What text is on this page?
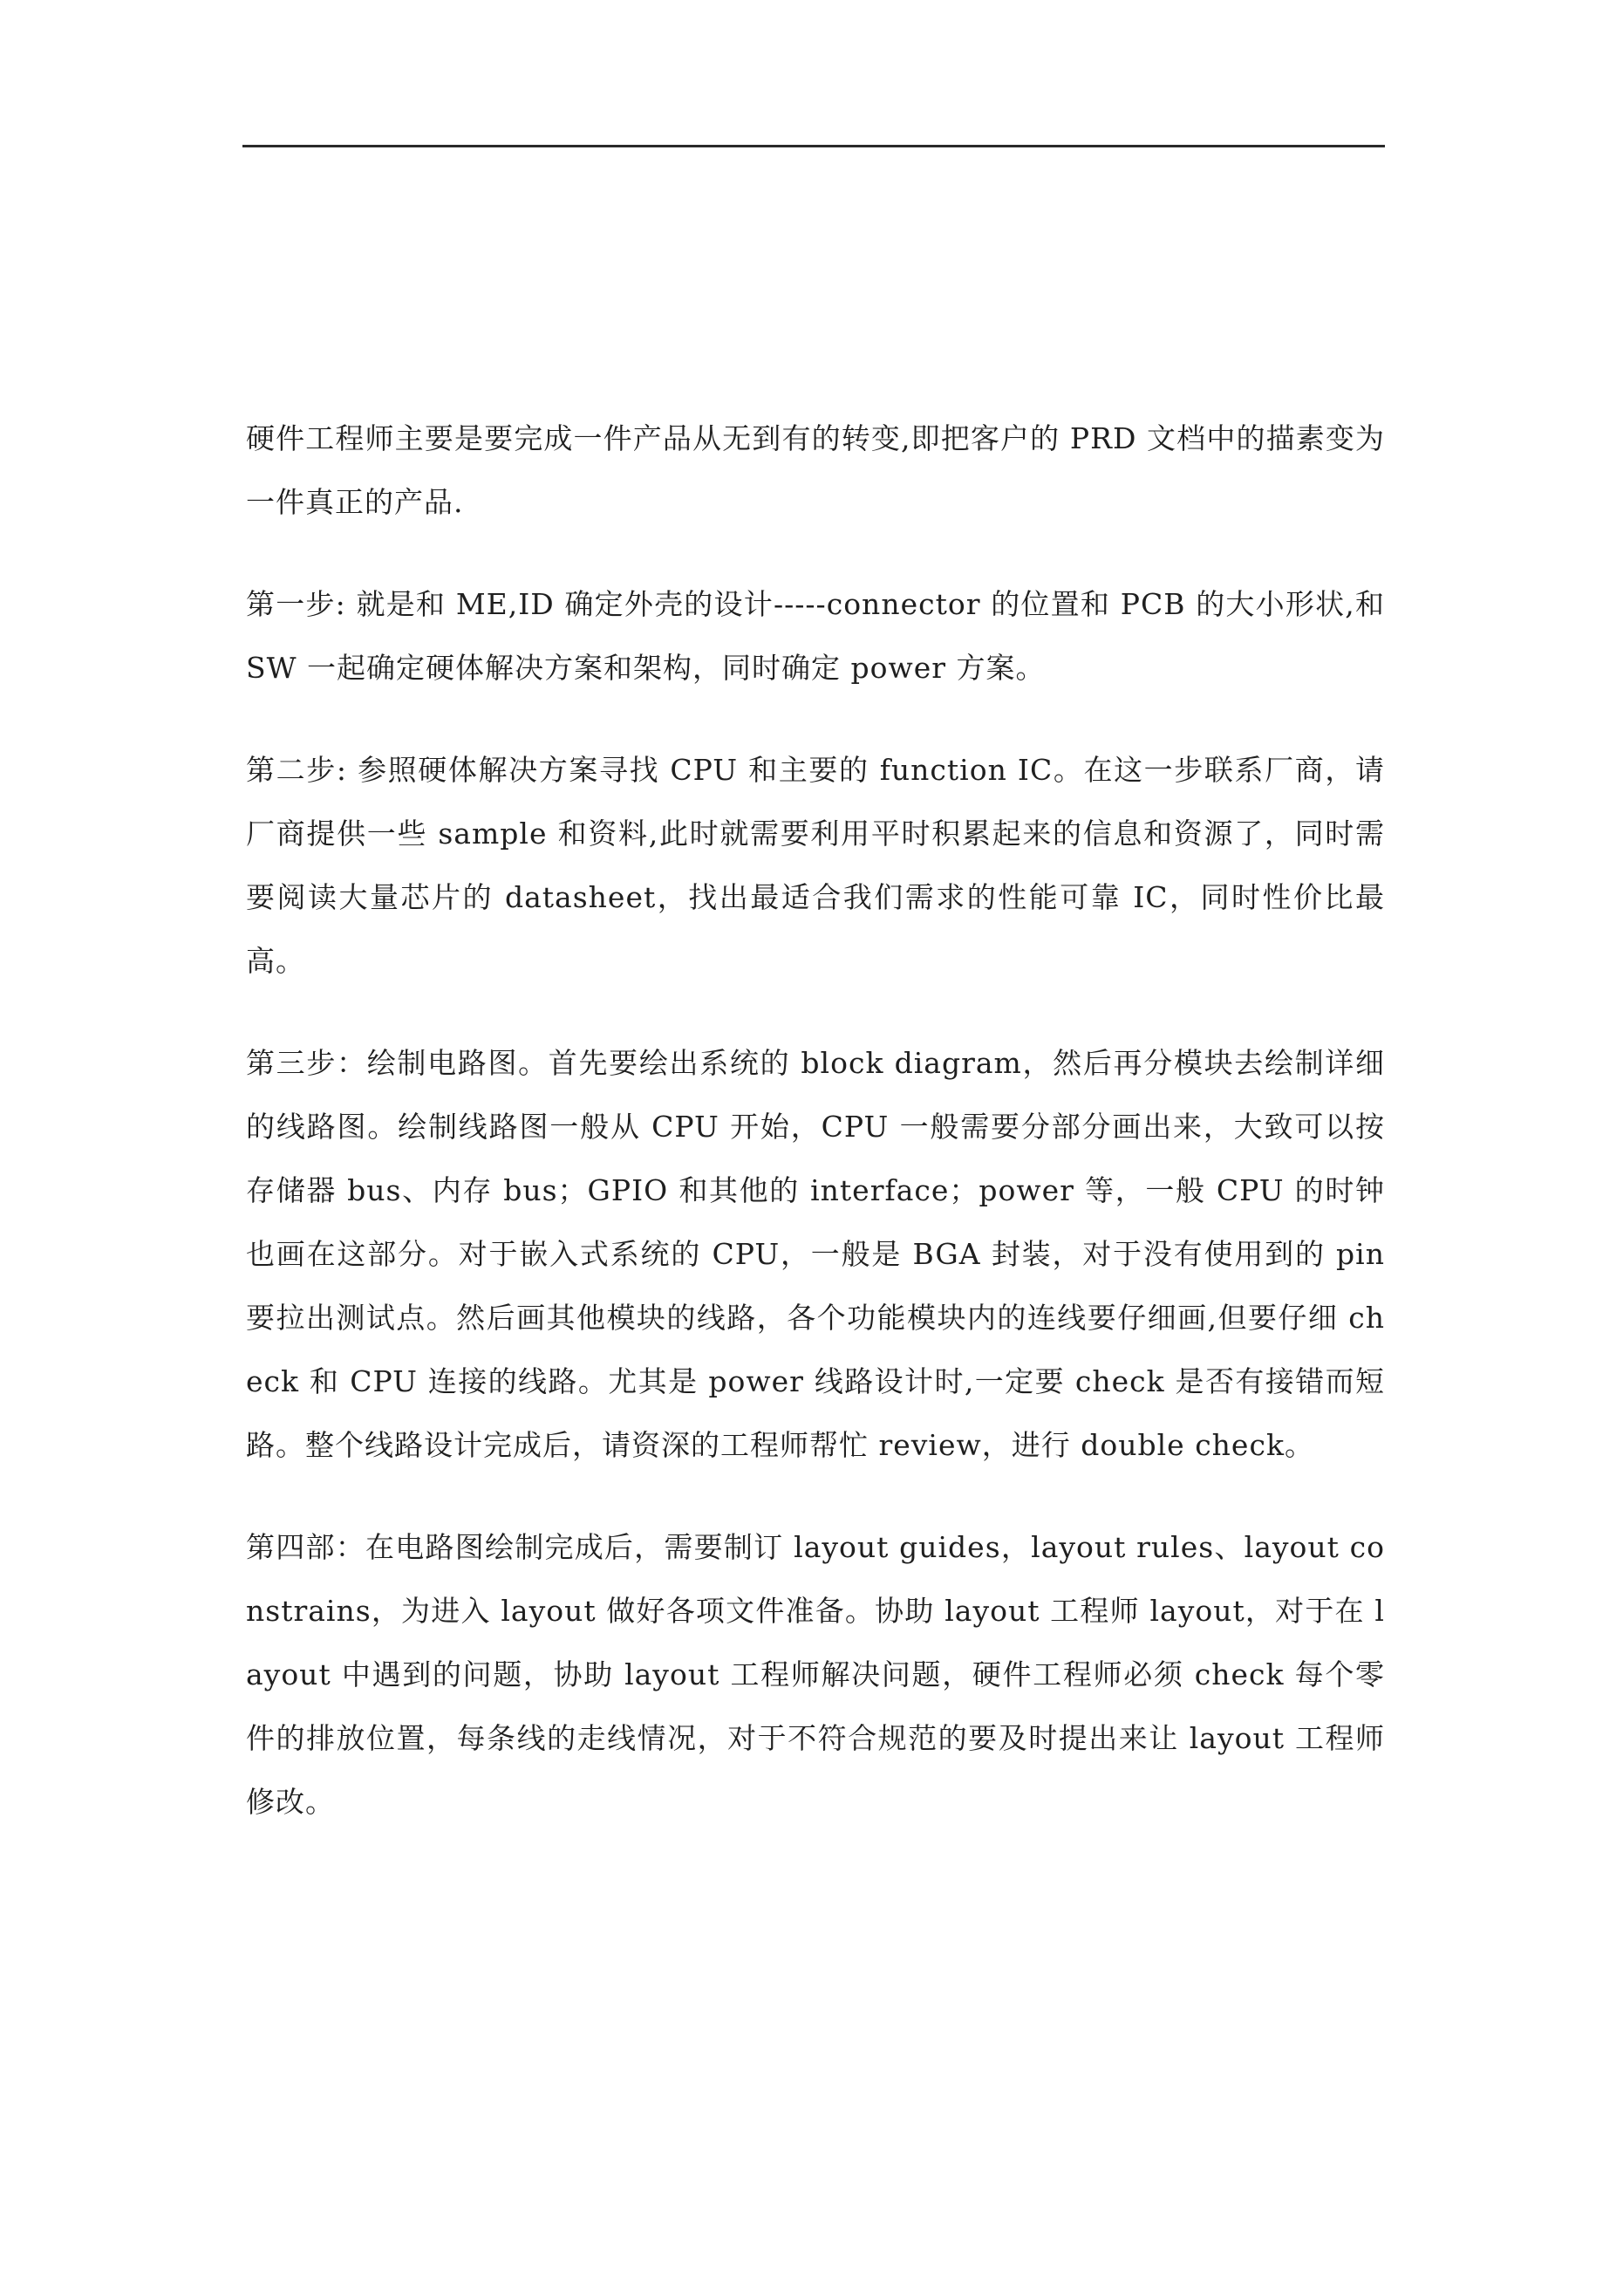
硬件工程师主要是要完成一件产品从无到有的转变,即把客户的 PRD 文档中的描素变为一件真正的产品.

第一步: 就是和 ME,ID 确定外壳的设计-----connector 的位置和 PCB 的大小形状,和 SW 一起确定硬体解决方案和架构，同时确定 power 方案。

第二步: 参照硬体解决方案寻找 CPU 和主要的 function IC。在这一步联系厂商，请厂商提供一些 sample 和资料,此时就需要利用平时积累起来的信息和资源了，同时需要阅读大量芯片的 datasheet，找出最适合我们需求的性能可靠 IC，同时性价比最高。

第三步：绘制电路图。首先要绘出系统的 block diagram，然后再分模块去绘制详细的线路图。绘制线路图一般从 CPU 开始，CPU 一般需要分部分画出来，大致可以按存储器 bus、内存 bus；GPIO 和其他的 interface；power 等，一般 CPU 的时钟也画在这部分。对于嵌入式系统的 CPU，一般是 BGA 封装，对于没有使用到的 pin 要拉出测试点。然后画其他模块的线路，各个功能模块内的连线要仔细画,但要仔细 check 和 CPU 连接的线路。尤其是 power 线路设计时,一定要 check 是否有接错而短路。整个线路设计完成后，请资深的工程师帮忙 review，进行 double check。

第四部：在电路图绘制完成后，需要制订 layout guides，layout rules、layout constrains，为进入 layout 做好各项文件准备。协助 layout 工程师 layout，对于在 layout 中遇到的问题，协助 layout 工程师解决问题，硬件工程师必须 check 每个零件的排放位置，每条线的走线情况，对于不符合规范的要及时提出来让 layout 工程师修改。
